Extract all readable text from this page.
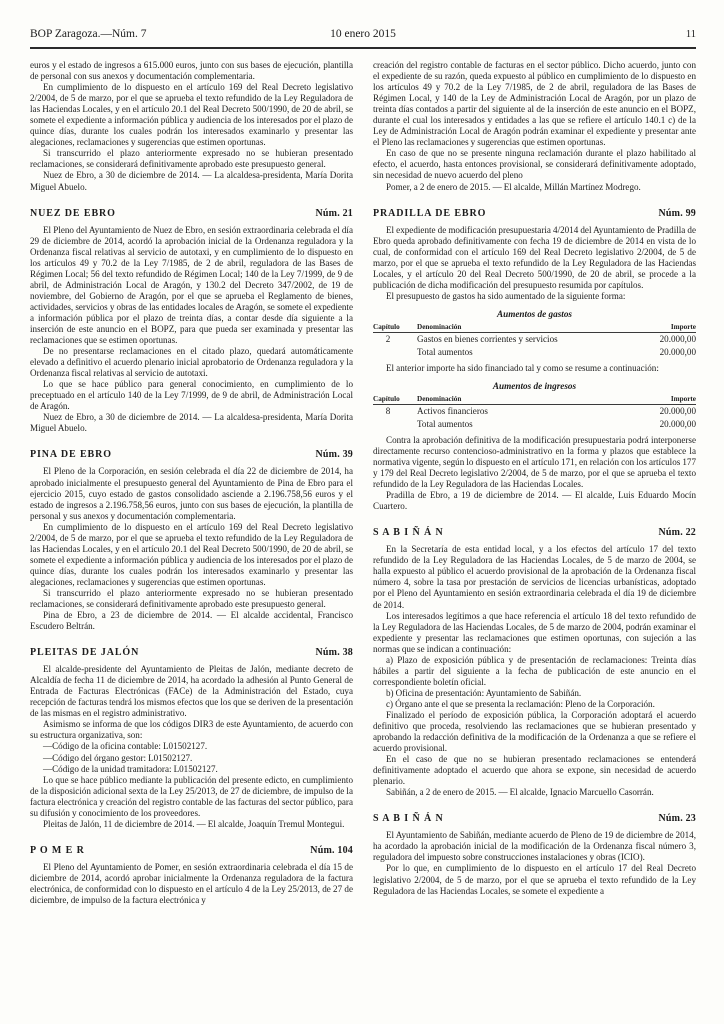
BOP Zaragoza.—Núm. 7	10 enero 2015	11

euros y el estado de ingresos a 615.000 euros, junto con sus bases de ejecución, plantilla de personal con sus anexos y documentación complementaria.

En cumplimiento de lo dispuesto en el artículo 169 del Real Decreto legislativo 2/2004, de 5 de marzo, por el que se aprueba el texto refundido de la Ley Reguladora de las Haciendas Locales, y en el artículo 20.1 del Real Decreto 500/1990, de 20 de abril, se somete el expediente a información pública y audiencia de los interesados por el plazo de quince días, durante los cuales podrán los interesados examinarlo y presentar las alegaciones, reclamaciones y sugerencias que estimen oportunas.

Si transcurrido el plazo anteriormente expresado no se hubieran presentado reclamaciones, se considerará definitivamente aprobado este presupuesto general.

Nuez de Ebro, a 30 de diciembre de 2014. — La alcaldesa-presidenta, María Dorita Miguel Abuelo.

NUEZ DE EBRO	Núm. 21

El Pleno del Ayuntamiento de Nuez de Ebro, en sesión extraordinaria celebrada el día 29 de diciembre de 2014, acordó la aprobación inicial de la Ordenanza reguladora y la Ordenanza fiscal relativas al servicio de autotaxi, y en cumplimiento de lo dispuesto en los artículos 49 y 70.2 de la Ley 7/1985, de 2 de abril, reguladora de las Bases de Régimen Local; 56 del texto refundido de Régimen Local; 140 de la Ley 7/1999, de 9 de abril, de Administración Local de Aragón, y 130.2 del Decreto 347/2002, de 19 de noviembre, del Gobierno de Aragón, por el que se aprueba el Reglamento de bienes, actividades, servicios y obras de las entidades locales de Aragón, se somete el expediente a información pública por el plazo de treinta días, a contar desde día siguiente a la inserción de este anuncio en el BOPZ, para que pueda ser examinada y presentar las reclamaciones que se estimen oportunas.

De no presentarse reclamaciones en el citado plazo, quedará automáticamente elevado a definitivo el acuerdo plenario inicial aprobatorio de Ordenanza reguladora y la Ordenanza fiscal relativas al servicio de autotaxi.

Lo que se hace público para general conocimiento, en cumplimiento de lo preceptuado en el artículo 140 de la Ley 7/1999, de 9 de abril, de Administración Local de Aragón.

Nuez de Ebro, a 30 de diciembre de 2014. — La alcaldesa-presidenta, María Dorita Miguel Abuelo.

PINA DE EBRO	Núm. 39

El Pleno de la Corporación, en sesión celebrada el día 22 de diciembre de 2014, ha aprobado inicialmente el presupuesto general del Ayuntamiento de Pina de Ebro para el ejercicio 2015, cuyo estado de gastos consolidado asciende a 2.196.758,56 euros y el estado de ingresos a 2.196.758,56 euros, junto con sus bases de ejecución, la plantilla de personal y sus anexos y documentación complementaria.

En cumplimiento de lo dispuesto en el artículo 169 del Real Decreto legislativo 2/2004, de 5 de marzo, por el que se aprueba el texto refundido de la Ley Reguladora de las Haciendas Locales, y en el artículo 20.1 del Real Decreto 500/1990, de 20 de abril, se somete el expediente a información pública y audiencia de los interesados por el plazo de quince días, durante los cuales podrán los interesados examinarlo y presentar las alegaciones, reclamaciones y sugerencias que estimen oportunas.

Si transcurrido el plazo anteriormente expresado no se hubieran presentado reclamaciones, se considerará definitivamente aprobado este presupuesto general.

Pina de Ebro, a 23 de diciembre de 2014. — El alcalde accidental, Francisco Escudero Beltrán.

PLEITAS DE JALÓN	Núm. 38

El alcalde-presidente del Ayuntamiento de Pleitas de Jalón, mediante decreto de Alcaldía de fecha 11 de diciembre de 2014, ha acordado la adhesión al Punto General de Entrada de Facturas Electrónicas (FACe) de la Administración del Estado, cuya recepción de facturas tendrá los mismos efectos que los que se deriven de la presentación de las mismas en el registro administrativo.

Asimismo se informa de que los códigos DIR3 de este Ayuntamiento, de acuerdo con su estructura organizativa, son:

—Código de la oficina contable: L01502127.

—Código del órgano gestor: L01502127.

—Código de la unidad tramitadora: L01502127.

Lo que se hace público mediante la publicación del presente edicto, en cumplimiento de la disposición adicional sexta de la Ley 25/2013, de 27 de diciembre, de impulso de la factura electrónica y creación del registro contable de las facturas del sector público, para su difusión y conocimiento de los proveedores.

Pleitas de Jalón, 11 de diciembre de 2014. — El alcalde, Joaquín Tremul Montegui.

P O M E R	Núm. 104

El Pleno del Ayuntamiento de Pomer, en sesión extraordinaria celebrada el día 15 de diciembre de 2014, acordó aprobar inicialmente la Ordenanza reguladora de la factura electrónica, de conformidad con lo dispuesto en el artículo 4 de la Ley 25/2013, de 27 de diciembre, de impulso de la factura electrónica y

creación del registro contable de facturas en el sector público. Dicho acuerdo, junto con el expediente de su razón, queda expuesto al público en cumplimiento de lo dispuesto en los artículos 49 y 70.2 de la Ley 7/1985, de 2 de abril, reguladora de las Bases de Régimen Local, y 140 de la Ley de Administración Local de Aragón, por un plazo de treinta días contados a partir del siguiente al de la inserción de este anuncio en el BOPZ, durante el cual los interesados y entidades a las que se refiere el artículo 140.1 c) de la Ley de Administración Local de Aragón podrán examinar el expediente y presentar ante el Pleno las reclamaciones y sugerencias que estimen oportunas.

En caso de que no se presente ninguna reclamación durante el plazo habilitado al efecto, el acuerdo, hasta entonces provisional, se considerará definitivamente adoptado, sin necesidad de nuevo acuerdo del pleno

Pomer, a 2 de enero de 2015. — El alcalde, Millán Martínez Modrego.

PRADILLA DE EBRO	Núm. 99

El expediente de modificación presupuestaria 4/2014 del Ayuntamiento de Pradilla de Ebro queda aprobado definitivamente con fecha 19 de diciembre de 2014 en vista de lo cual, de conformidad con el artículo 169 del Real Decreto legislativo 2/2004, de 5 de marzo, por el que se aprueba el texto refundido de la Ley Reguladora de las Haciendas Locales, y el artículo 20 del Real Decreto 500/1990, de 20 de abril, se procede a la publicación de dicha modificación del presupuesto resumida por capítulos.

El presupuesto de gastos ha sido aumentado de la siguiente forma:

Aumentos de gastos
Capítulo	Denominación	Importe
2	Gastos en bienes corrientes y servicios	20.000,00
Total aumentos	20.000,00

El anterior importe ha sido financiado tal y como se resume a continuación:

Aumentos de ingresos
Capítulo	Denominación	Importe
8	Activos financieros	20.000,00
Total aumentos	20.000,00

Contra la aprobación definitiva de la modificación presupuestaria podrá interponerse directamente recurso contencioso-administrativo en la forma y plazos que establece la normativa vigente, según lo dispuesto en el artículo 171, en relación con los artículos 177 y 179 del Real Decreto legislativo 2/2004, de 5 de marzo, por el que se aprueba el texto refundido de la Ley Reguladora de las Haciendas Locales.

Pradilla de Ebro, a 19 de diciembre de 2014. — El alcalde, Luis Eduardo Mocín Cuartero.

S A B I Ñ Á N	Núm. 22

En la Secretaría de esta entidad local, y a los efectos del artículo 17 del texto refundido de la Ley Reguladora de las Haciendas Locales, de 5 de marzo de 2004, se halla expuesto al público el acuerdo provisional de la aprobación de la Ordenanza fiscal número 4, sobre la tasa por prestación de servicios de licencias urbanísticas, adoptado por el Pleno del Ayuntamiento en sesión extraordinaria celebrada el día 19 de diciembre de 2014.

Los interesados legítimos a que hace referencia el artículo 18 del texto refundido de la Ley Reguladora de las Haciendas Locales, de 5 de marzo de 2004, podrán examinar el expediente y presentar las reclamaciones que estimen oportunas, con sujeción a las normas que se indican a continuación:

a) Plazo de exposición pública y de presentación de reclamaciones: Treinta días hábiles a partir del siguiente a la fecha de publicación de este anuncio en el correspondiente boletín oficial.

b) Oficina de presentación: Ayuntamiento de Sabiñán.

c) Órgano ante el que se presenta la reclamación: Pleno de la Corporación.

Finalizado el período de exposición pública, la Corporación adoptará el acuerdo definitivo que proceda, resolviendo las reclamaciones que se hubieran presentado y aprobando la redacción definitiva de la modificación de la Ordenanza a que se refiere el acuerdo provisional.

En el caso de que no se hubieran presentado reclamaciones se entenderá definitivamente adoptado el acuerdo que ahora se expone, sin necesidad de acuerdo plenario.

Sabiñán, a 2 de enero de 2015. — El alcalde, Ignacio Marcuello Casorrán.

S A B I Ñ Á N	Núm. 23

El Ayuntamiento de Sabiñán, mediante acuerdo de Pleno de 19 de diciembre de 2014, ha acordado la aprobación inicial de la modificación de la Ordenanza fiscal número 3, reguladora del impuesto sobre construcciones instalaciones y obras (ICIO).

Por lo que, en cumplimiento de lo dispuesto en el artículo 17 del Real Decreto legislativo 2/2004, de 5 de marzo, por el que se aprueba el texto refundido de la Ley Reguladora de las Haciendas Locales, se somete el expediente a
